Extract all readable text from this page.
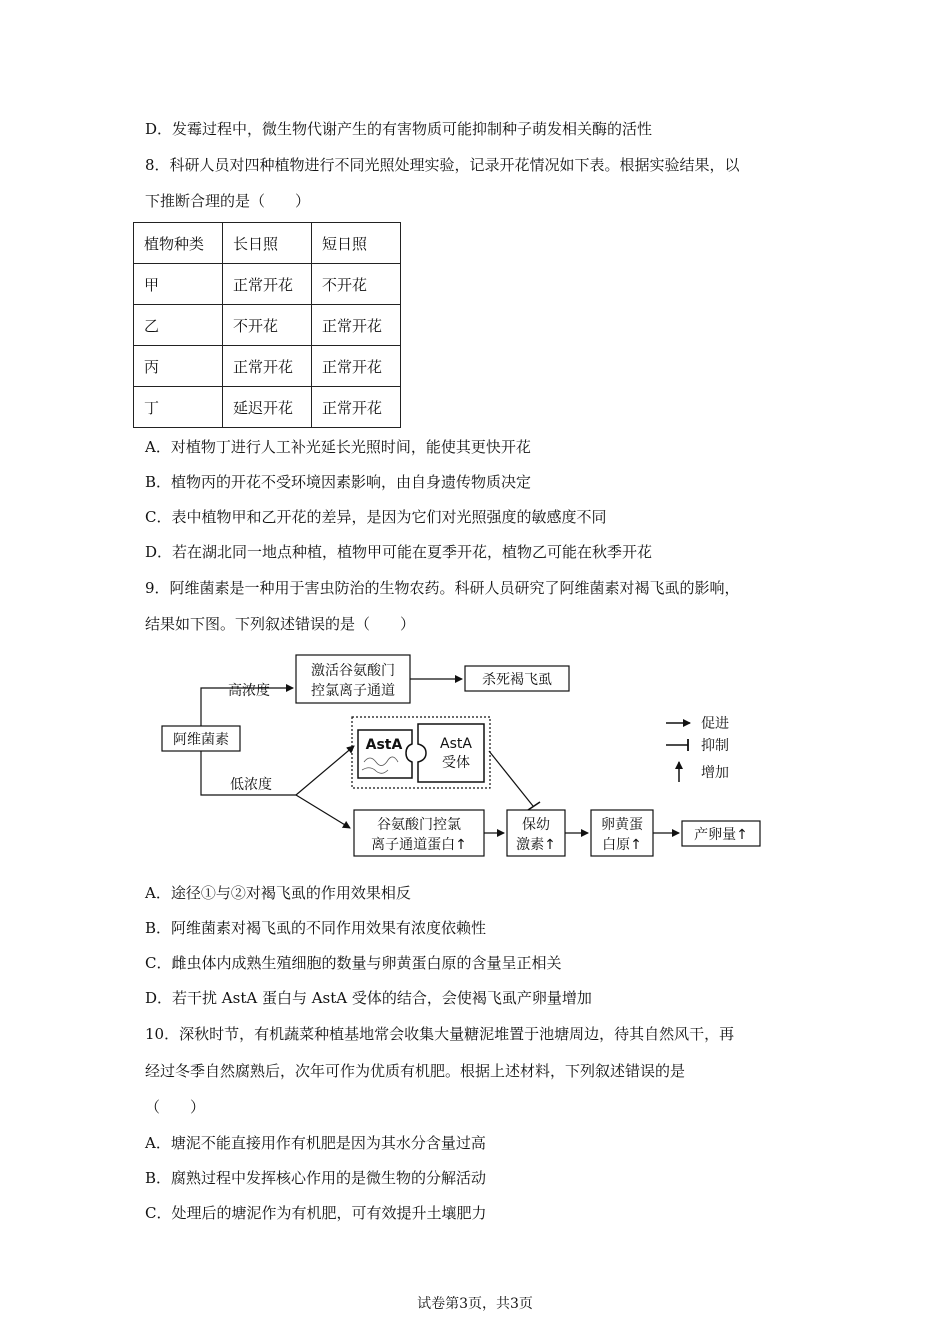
D．发霉过程中，微生物代谢产生的有害物质可能抑制种子萌发相关酶的活性
8．科研人员对四种植物进行不同光照处理实验，记录开花情况如下表。根据实验结果，以
下推断合理的是（　　）
植物种类	长日照	短日照
甲	正常开花	不开花
乙	不开花	正常开花
丙	正常开花	正常开花
丁	延迟开花	正常开花
A．对植物丁进行人工补光延长光照时间，能使其更快开花
B．植物丙的开花不受环境因素影响，由自身遗传物质决定
C．表中植物甲和乙开花的差异，是因为它们对光照强度的敏感度不同
D．若在湖北同一地点种植，植物甲可能在夏季开花，植物乙可能在秋季开花
9．阿维菌素是一种用于害虫防治的生物农药。科研人员研究了阿维菌素对褐飞虱的影响，
结果如下图。下列叙述错误的是（　　）
阿维菌素
高浓度
激活谷氨酸门
控氯离子通道
杀死褐飞虱
低浓度
AstA	AstA
受体
谷氨酸门控氯
离子通道蛋白↑
保幼
激素↑
卵黄蛋
白原↑
产卵量↑
促进
抑制
增加
A．途径①与②对褐飞虱的作用效果相反
B．阿维菌素对褐飞虱的不同作用效果有浓度依赖性
C．雌虫体内成熟生殖细胞的数量与卵黄蛋白原的含量呈正相关
D．若干扰 AstA 蛋白与 AstA 受体的结合，会使褐飞虱产卵量增加
10．深秋时节，有机蔬菜种植基地常会收集大量糖泥堆置于池塘周边，待其自然风干，再
经过冬季自然腐熟后，次年可作为优质有机肥。根据上述材料，下列叙述错误的是
（　　）
A．塘泥不能直接用作有机肥是因为其水分含量过高
B．腐熟过程中发挥核心作用的是微生物的分解活动
C．处理后的塘泥作为有机肥，可有效提升土壤肥力
试卷第3页，共3页
